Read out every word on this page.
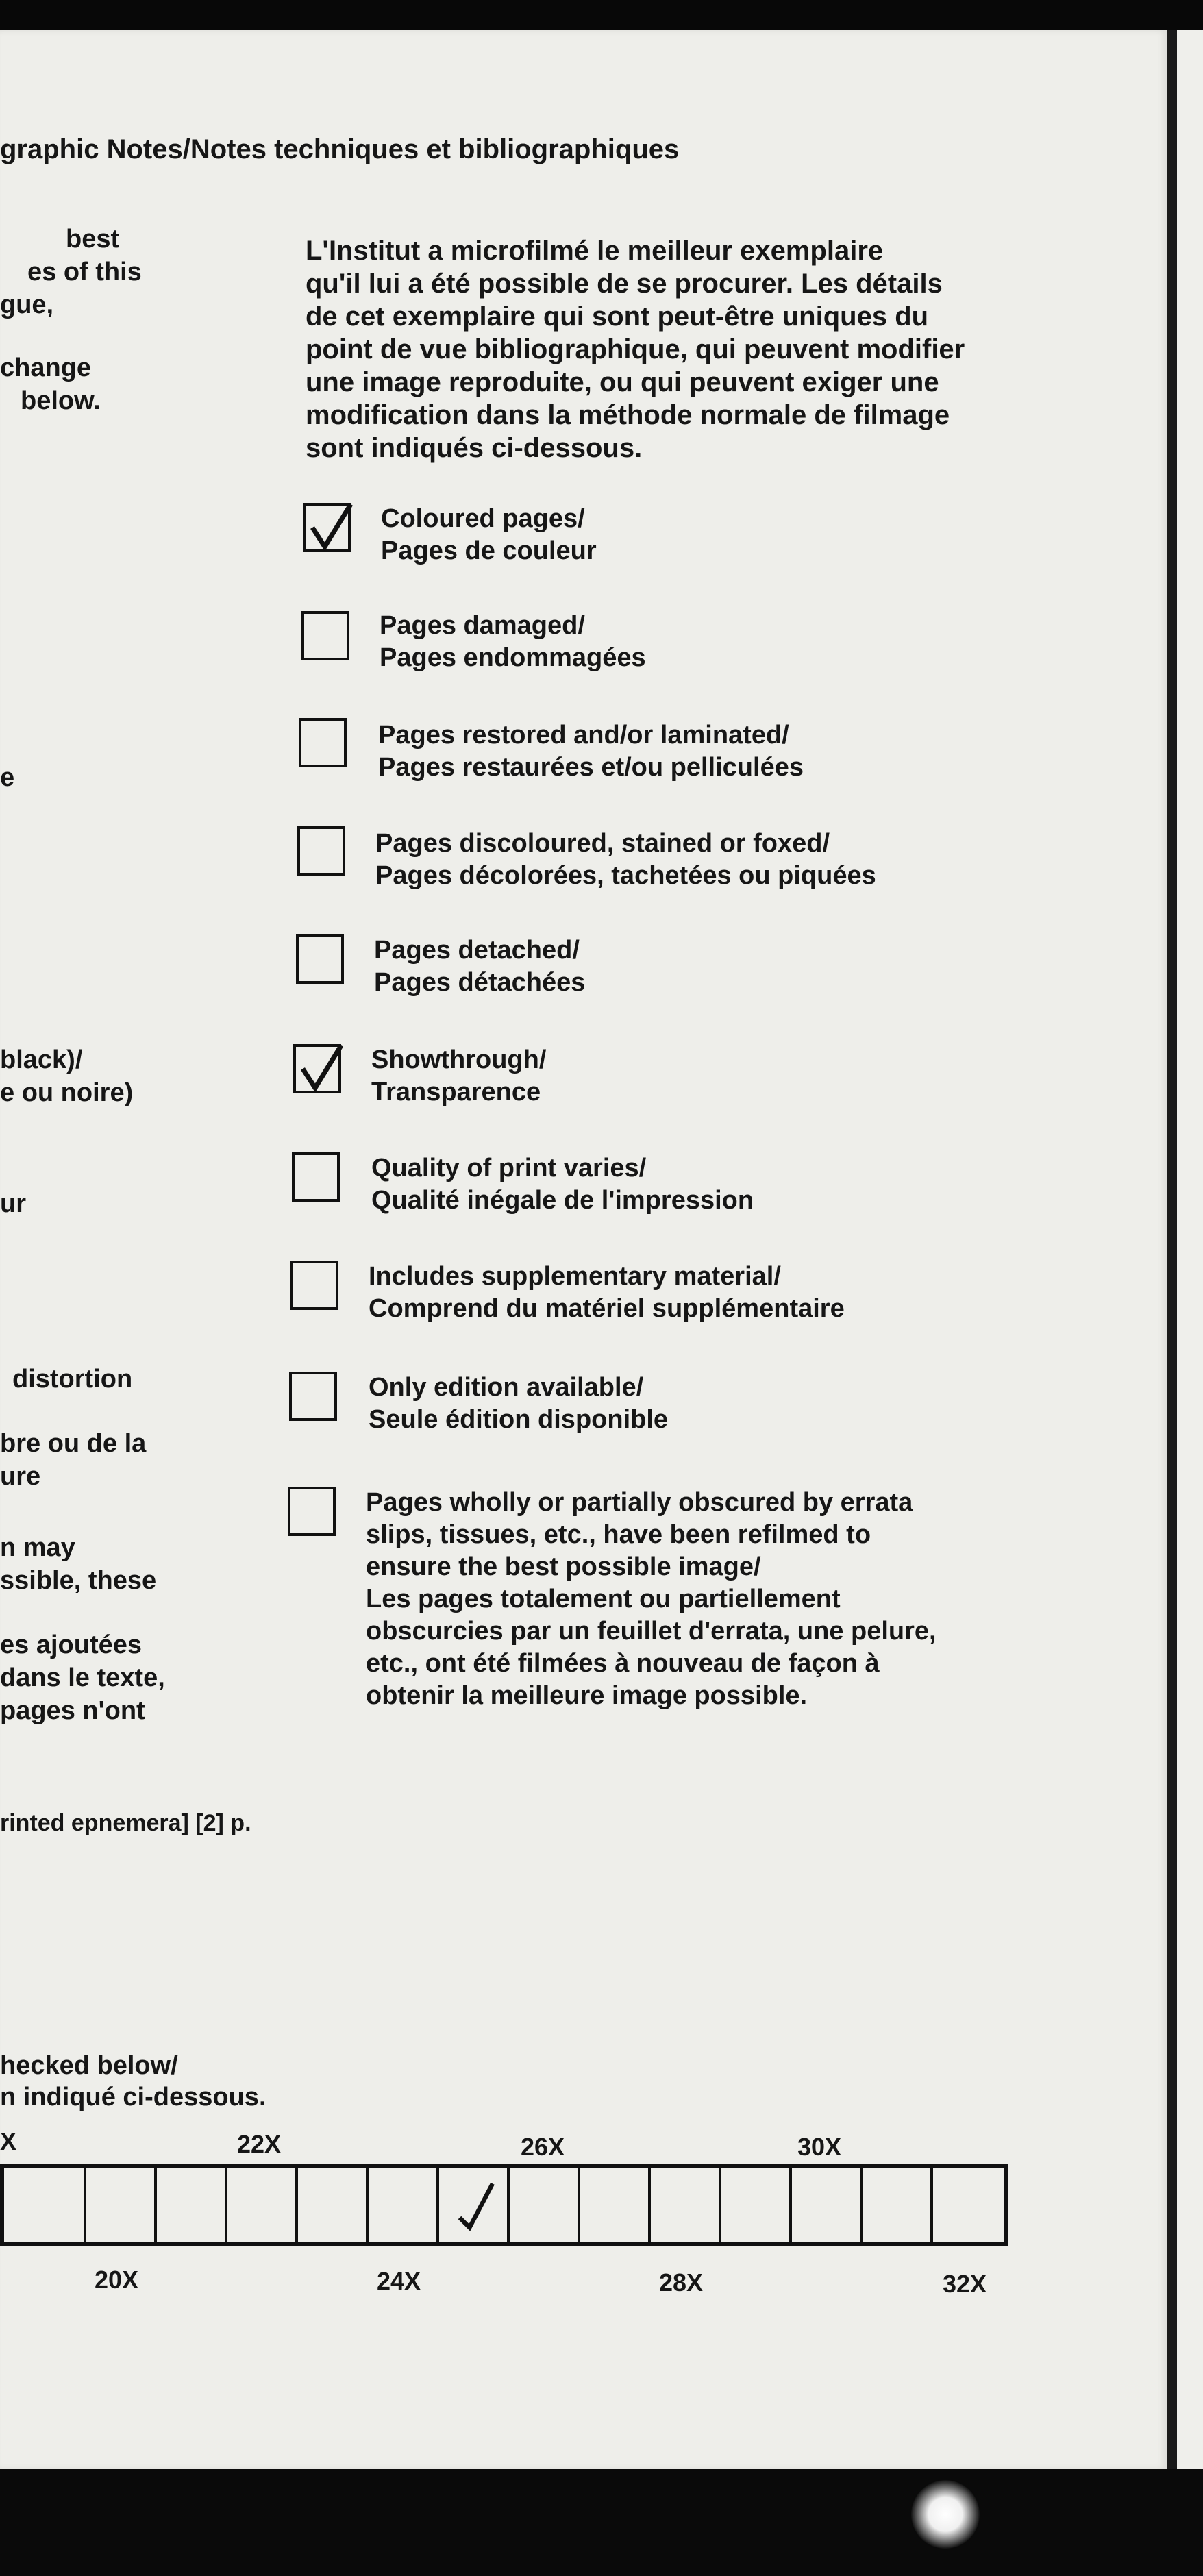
graphic Notes/Notes techniques et bibliographiques

best

es of this

gue,

change

below.

e

black)/

e ou noire)

ur

distortion

bre ou de la

ure

n may

ssible, these

es ajoutées

dans le texte,

pages n'ont

L'Institut a microfilmé le meilleur exemplaire

qu'il lui a été possible de se procurer. Les détails

de cet exemplaire qui sont peut-être uniques du

point de vue bibliographique, qui peuvent modifier

une image reproduite, ou qui peuvent exiger une

modification dans la méthode normale de filmage

sont indiqués ci-dessous.

Coloured pages/

Pages de couleur

Pages damaged/

Pages endommagées

Pages restored and/or laminated/

Pages restaurées et/ou pelliculées

Pages discoloured, stained or foxed/

Pages décolorées, tachetées ou piquées

Pages detached/

Pages détachées

Showthrough/

Transparence

Quality of print varies/

Qualité inégale de l'impression

Includes supplementary material/

Comprend du matériel supplémentaire

Only edition available/

Seule édition disponible

Pages wholly or partially obscured by errata

slips, tissues, etc., have been refilmed to

ensure the best possible image/

Les pages totalement ou partiellement

obscurcies par un feuillet d'errata, une pelure,

etc., ont été filmées à nouveau de façon à

obtenir la meilleure image possible.

rinted epnemera] [2] p.

hecked below/

n indiqué ci-dessous.

X	22X	26X	30X
20X	24X	28X	32X
